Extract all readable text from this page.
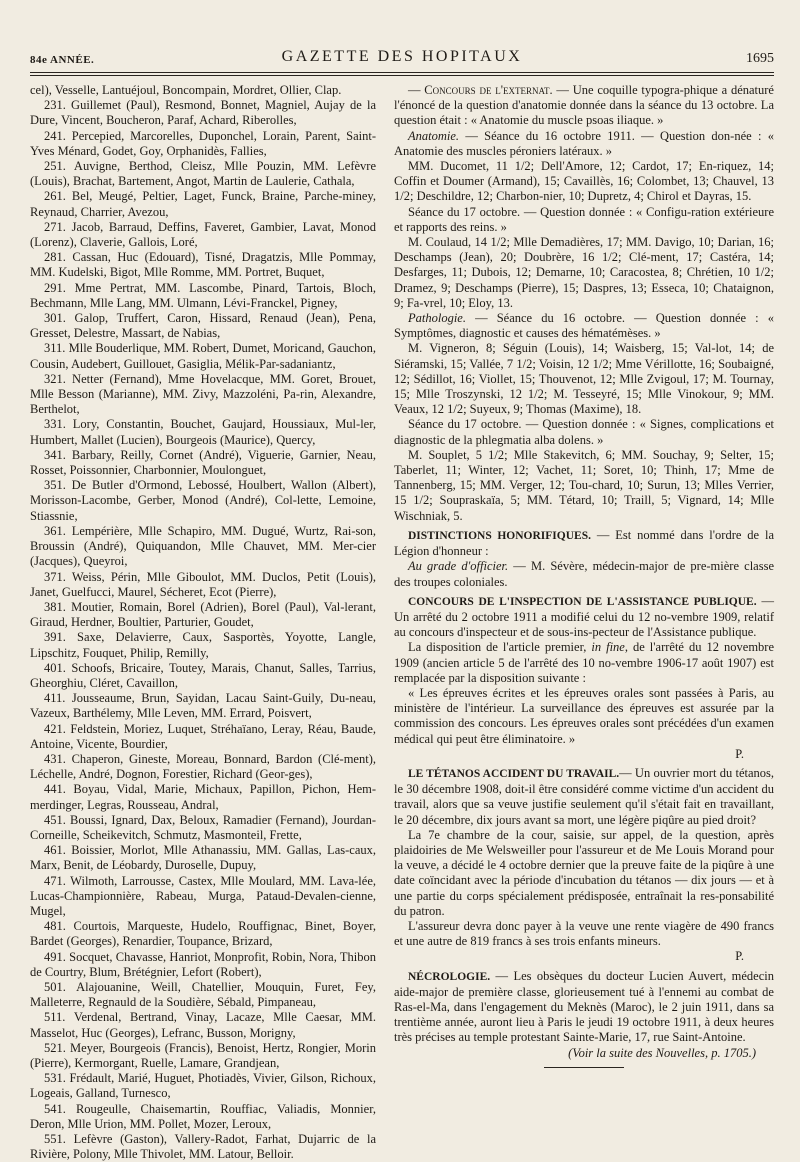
84e ANNÉE.	GAZETTE DES HOPITAUX	1695

cel), Vesselle, Lantuéjoul, Boncompain, Mordret, Ollier, Clap.

231. Guillemet (Paul), Resmond, Bonnet, Magniel, Aujay de la Dure, Vincent, Boucheron, Paraf, Achard, Riberolles,

241. Percepied, Marcorelles, Duponchel, Lorain, Parent, Saint-Yves Ménard, Godet, Goy, Orphanidès, Fallies,

251. Auvigne, Berthod, Cleisz, Mlle Pouzin, MM. Lefèvre (Louis), Brachat, Bartement, Angot, Martin de Laulerie, Cathala,

261. Bel, Meugé, Peltier, Laget, Funck, Braine, Parche-miney, Reynaud, Charrier, Avezou,

271. Jacob, Barraud, Deffins, Faveret, Gambier, Lavat, Monod (Lorenz), Claverie, Gallois, Loré,

281. Cassan, Huc (Edouard), Tisné, Dragatzis, Mlle Pommay, MM. Kudelski, Bigot, Mlle Romme, MM. Portret, Buquet,

291. Mme Pertrat, MM. Lascombe, Pinard, Tartois, Bloch, Bechmann, Mlle Lang, MM. Ulmann, Lévi-Franckel, Pigney,

301. Galop, Truffert, Caron, Hissard, Renaud (Jean), Pena, Gresset, Delestre, Massart, de Nabias,

311. Mlle Bouderlique, MM. Robert, Dumet, Moricand, Gauchon, Cousin, Audebert, Guillouet, Gasiglia, Mélik-Par-sadaniantz,

321. Netter (Fernand), Mme Hovelacque, MM. Goret, Brouet, Mlle Besson (Marianne), MM. Zivy, Mazzoléni, Pa-rin, Alexandre, Berthelot,

331. Lory, Constantin, Bouchet, Gaujard, Houssiaux, Mul-ler, Humbert, Mallet (Lucien), Bourgeois (Maurice), Quercy,

341. Barbary, Reilly, Cornet (André), Viguerie, Garnier, Neau, Rosset, Poissonnier, Charbonnier, Moulonguet,

351. De Butler d'Ormond, Lebossé, Houlbert, Wallon (Albert), Morisson-Lacombe, Gerber, Monod (André), Col-lette, Lemoine, Stiassnie,

361. Lempérière, Mlle Schapiro, MM. Dugué, Wurtz, Rai-son, Broussin (André), Quiquandon, Mlle Chauvet, MM. Mer-cier (Jacques), Queyroi,

371. Weiss, Périn, Mlle Giboulot, MM. Duclos, Petit (Louis), Janet, Guelfucci, Maurel, Sécheret, Ecot (Pierre),

381. Moutier, Romain, Borel (Adrien), Borel (Paul), Val-lerant, Giraud, Herdner, Boultier, Parturier, Goudet,

391. Saxe, Delavierre, Caux, Sasportès, Yoyotte, Langle, Lipschitz, Fouquet, Philip, Remilly,

401. Schoofs, Bricaire, Toutey, Marais, Chanut, Salles, Tarrius, Gheorghiu, Cléret, Cavaillon,

411. Jousseaume, Brun, Sayidan, Lacau Saint-Guily, Du-neau, Vazeux, Barthélemy, Mlle Leven, MM. Errard, Poisvert,

421. Feldstein, Moriez, Luquet, Stréhaïano, Leray, Réau, Baude, Antoine, Vicente, Bourdier,

431. Chaperon, Gineste, Moreau, Bonnard, Bardon (Clé-ment), Léchelle, André, Dognon, Forestier, Richard (Geor-ges),

441. Boyau, Vidal, Marie, Michaux, Papillon, Pichon, Hem-merdinger, Legras, Rousseau, Andral,

451. Boussi, Ignard, Dax, Beloux, Ramadier (Fernand), Jourdan-Corneille, Scheikevitch, Schmutz, Masmonteil, Frette,

461. Boissier, Morlot, Mlle Athanassiu, MM. Gallas, Las-caux, Marx, Benit, de Léobardy, Duroselle, Dupuy,

471. Wilmoth, Larrousse, Castex, Mlle Moulard, MM. Lava-lée, Lucas-Championnière, Rabeau, Murga, Pataud-Devalen-cienne, Mugel,

481. Courtois, Marqueste, Hudelo, Rouffignac, Binet, Boyer, Bardet (Georges), Renardier, Toupance, Brizard,

491. Socquet, Chavasse, Hanriot, Monprofit, Robin, Nora, Thibon de Courtry, Blum, Brétégnier, Lefort (Robert),

501. Alajouanine, Weill, Chatellier, Mouquin, Furet, Fey, Malleterre, Regnauld de la Soudière, Sébald, Pimpaneau,

511. Verdenal, Bertrand, Vinay, Lacaze, Mlle Caesar, MM. Masselot, Huc (Georges), Lefranc, Busson, Morigny,

521. Meyer, Bourgeois (Francis), Benoist, Hertz, Rongier, Morin (Pierre), Kermorgant, Ruelle, Lamare, Grandjean,

531. Frédault, Marié, Huguet, Photiadès, Vivier, Gilson, Richoux, Logeais, Galland, Turnesco,

541. Rougeulle, Chaisemartin, Rouffiac, Valiadis, Monnier, Deron, Mlle Urion, MM. Pollet, Mozer, Leroux,

551. Lefèvre (Gaston), Vallery-Radot, Farhat, Dujarric de la Rivière, Polony, Mlle Thivolet, MM. Latour, Belloir.

— Concours de l'externat. — Une coquille typogra-phique a dénaturé l'énoncé de la question d'anatomie donnée dans la séance du 13 octobre. La question était : « Anatomie du muscle psoas iliaque. »

Anatomie. — Séance du 16 octobre 1911. — Question don-née : « Anatomie des muscles péroniers latéraux. »

MM. Ducomet, 11 1/2; Dell'Amore, 12; Cardot, 17; En-riquez, 14; Coffin et Doumer (Armand), 15; Cavaillès, 16; Colombet, 13; Chauvel, 13 1/2; Deschildre, 12; Charbon-nier, 10; Dupretz, 4; Chirol et Dayras, 15.

Séance du 17 octobre. — Question donnée : « Configu-ration extérieure et rapports des reins. »

M. Coulaud, 14 1/2; Mlle Demadières, 17; MM. Davigo, 10; Darian, 16; Deschamps (Jean), 20; Doubrère, 16 1/2; Clé-ment, 17; Castéra, 14; Desfarges, 11; Dubois, 12; Demarne, 10; Caracostea, 8; Chrétien, 10 1/2; Dramez, 9; Deschamps (Pierre), 15; Daspres, 13; Esseca, 10; Chataignon, 9; Fa-vrel, 10; Eloy, 13.

Pathologie. — Séance du 16 octobre. — Question donnée : « Symptômes, diagnostic et causes des hématémèses. »

M. Vigneron, 8; Séguin (Louis), 14; Waisberg, 15; Val-lot, 14; de Siéramski, 15; Vallée, 7 1/2; Voisin, 12 1/2; Mme Vérillotte, 16; Soubaigné, 12; Sédillot, 16; Viollet, 15; Thouvenot, 12; Mlle Zvigoul, 17; M. Tournay, 15; Mlle Troszynski, 12 1/2; M. Tesseyré, 15; Mlle Vinokour, 9; MM. Veaux, 12 1/2; Suyeux, 9; Thomas (Maxime), 18.

Séance du 17 octobre. — Question donnée : « Signes, complications et diagnostic de la phlegmatia alba dolens. »

M. Souplet, 5 1/2; Mlle Stakevitch, 6; MM. Souchay, 9; Selter, 15; Taberlet, 11; Winter, 12; Vachet, 11; Soret, 10; Thinh, 17; Mme de Tannenberg, 15; MM. Verger, 12; Tou-chard, 10; Surun, 13; Mlles Verrier, 15 1/2; Soupraskaïa, 5; MM. Tétard, 10; Traill, 5; Vignard, 14; Mlle Wischniak, 5.

DISTINCTIONS HONORIFIQUES. — Est nommé dans l'ordre de la Légion d'honneur :

Au grade d'officier. — M. Sévère, médecin-major de pre-mière classe des troupes coloniales.

CONCOURS DE L'INSPECTION DE L'ASSISTANCE PUBLIQUE. — Un arrêté du 2 octobre 1911 a modifié celui du 12 no-vembre 1909, relatif au concours d'inspecteur et de sous-ins-pecteur de l'Assistance publique.

La disposition de l'article premier, in fine, de l'arrêté du 12 novembre 1909 (ancien article 5 de l'arrêté des 10 no-vembre 1906-17 août 1907) est remplacée par la disposition suivante :

« Les épreuves écrites et les épreuves orales sont passées à Paris, au ministère de l'intérieur. La surveillance des épreuves est assurée par la commission des concours. Les épreuves orales sont précédées d'un examen médical qui peut être éliminatoire. »

P.

LE TÉTANOS ACCIDENT DU TRAVAIL.— Un ouvrier mort du tétanos, le 30 décembre 1908, doit-il être considéré comme victime d'un accident du travail, alors que sa veuve justifie seulement qu'il s'était fait en travaillant, le 20 décembre, dix jours avant sa mort, une légère piqûre au pied droit?

La 7e chambre de la cour, saisie, sur appel, de la question, après plaidoiries de Me Welsweiller pour l'assureur et de Me Louis Morand pour la veuve, a décidé le 4 octobre dernier que la preuve faite de la piqûre à une date coïncidant avec la période d'incubation du tétanos — dix jours — et à une partie du corps spécialement prédisposée, entraînait la res-ponsabilité du patron.

L'assureur devra donc payer à la veuve une rente viagère de 490 francs et une autre de 819 francs à ses trois enfants mineurs.

P.

NÉCROLOGIE. — Les obsèques du docteur Lucien Auvert, médecin aide-major de première classe, glorieusement tué à l'ennemi au combat de Ras-el-Ma, dans l'engagement du Meknès (Maroc), le 2 juin 1911, dans sa trentième année, auront lieu à Paris le jeudi 19 octobre 1911, à deux heures très précises au temple protestant Sainte-Marie, 17, rue Saint-Antoine.

(Voir la suite des Nouvelles, p. 1705.)
